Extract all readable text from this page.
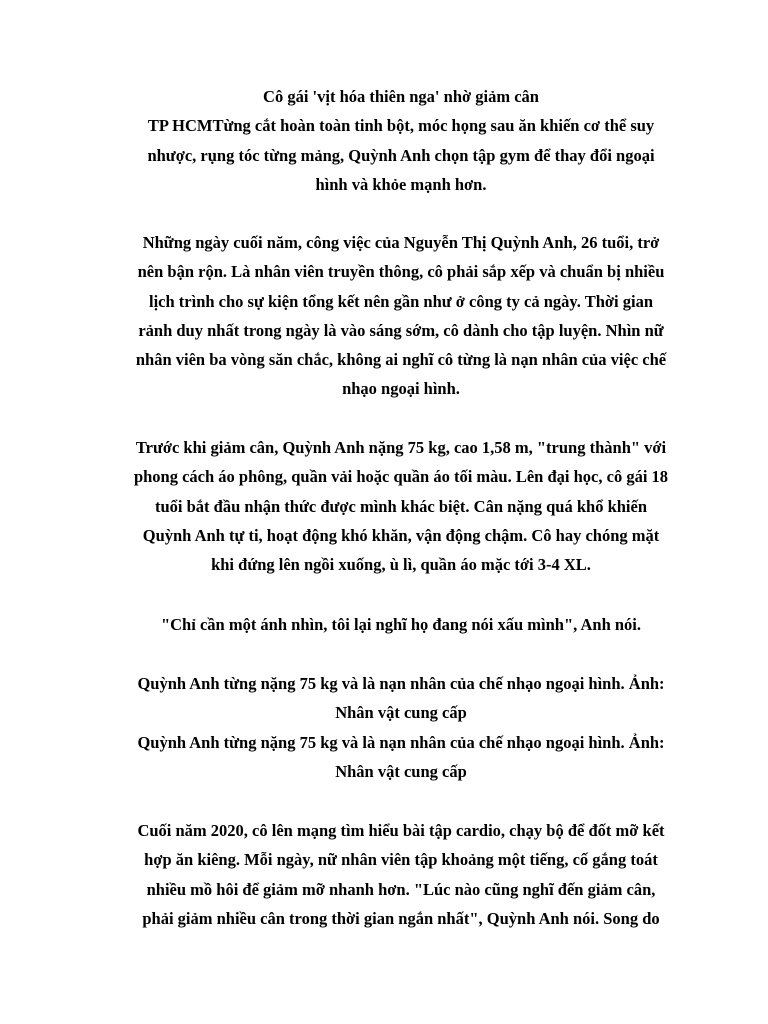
Cô gái 'vịt hóa thiên nga' nhờ giảm cân
TP HCMTừng cắt hoàn toàn tinh bột, móc họng sau ăn khiến cơ thể suy
nhược, rụng tóc từng mảng, Quỳnh Anh chọn tập gym để thay đổi ngoại
hình và khỏe mạnh hơn.
Những ngày cuối năm, công việc của Nguyễn Thị Quỳnh Anh, 26 tuổi, trở
nên bận rộn. Là nhân viên truyền thông, cô phải sắp xếp và chuẩn bị nhiều
lịch trình cho sự kiện tổng kết nên gần như ở công ty cả ngày. Thời gian
rảnh duy nhất trong ngày là vào sáng sớm, cô dành cho tập luyện. Nhìn nữ
nhân viên ba vòng săn chắc, không ai nghĩ cô từng là nạn nhân của việc chế
nhạo ngoại hình.
Trước khi giảm cân, Quỳnh Anh nặng 75 kg, cao 1,58 m, "trung thành" với
phong cách áo phông, quần vải hoặc quần áo tối màu. Lên đại học, cô gái 18
tuổi bắt đầu nhận thức được mình khác biệt. Cân nặng quá khổ khiến
Quỳnh Anh tự ti, hoạt động khó khăn, vận động chậm. Cô hay chóng mặt
khi đứng lên ngồi xuống, ù lì, quần áo mặc tới 3-4 XL.
"Chỉ cần một ánh nhìn, tôi lại nghĩ họ đang nói xấu mình", Anh nói.
Quỳnh Anh từng nặng 75 kg và là nạn nhân của chế nhạo ngoại hình. Ảnh:
Nhân vật cung cấp
Quỳnh Anh từng nặng 75 kg và là nạn nhân của chế nhạo ngoại hình. Ảnh:
Nhân vật cung cấp
Cuối năm 2020, cô lên mạng tìm hiểu bài tập cardio, chạy bộ để đốt mỡ kết
hợp ăn kiêng. Mỗi ngày, nữ nhân viên tập khoảng một tiếng, cố gắng toát
nhiều mồ hôi để giảm mỡ nhanh hơn. "Lúc nào cũng nghĩ đến giảm cân,
phải giảm nhiều cân trong thời gian ngắn nhất", Quỳnh Anh nói. Song do
